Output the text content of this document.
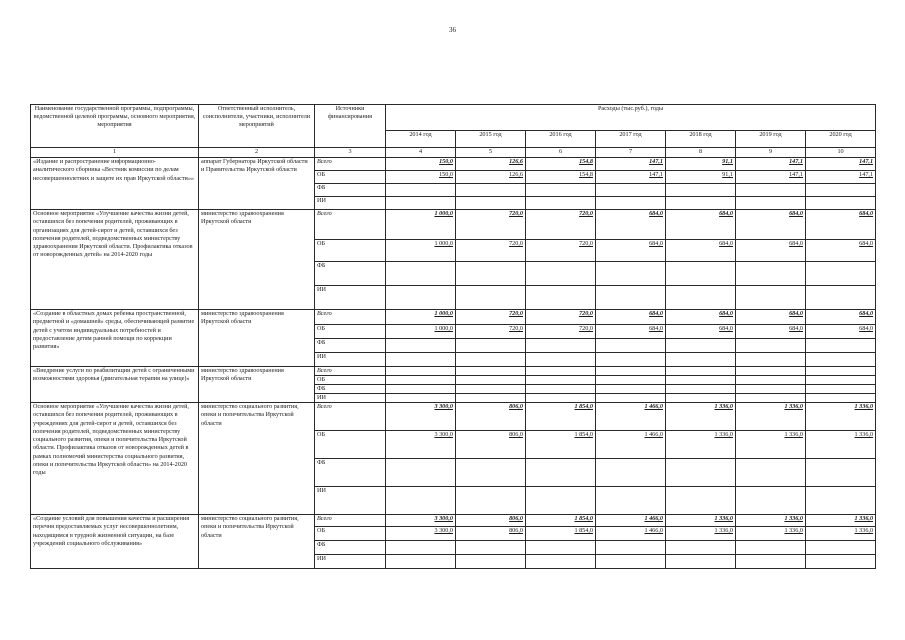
36
Наименование государственной программы, подпрограммы, ведомственной целевой программы, основного мероприятия, мероприятия	Ответственный исполнитель, соисполнители, участники, исполнители мероприятий	Источники финансирования	Расходы (тыс.руб.), годы						
			2014 год	2015 год	2016 год	2017 год	2018 год	2019 год	2020 год
1	2	3	4	5	6	7	8	9	10
«Издание и распространение информационно-аналитического сборника «Вестник комиссии по делам несовершеннолетних и защите их прав Иркутской области»»	аппарат Губернатора Иркутской области и Правительства Иркутской области	Всего	150,0	126,6	154,8	147,1	91,1	147,1	147,1
		ОБ	150,0	126,6	154,8	147,1	91,1	147,1	147,1
		ФБ							
		ИИ							
Основное мероприятие «Улучшение качества жизни детей, оставшихся без попечения родителей, проживающих в организациях для детей-сирот и детей, оставшихся без попечения родителей, подведомственных министерству здравоохранения Иркутской области. Профилактика отказов от новорожденных детей» на 2014-2020 годы	министерство здравоохранения Иркутской области	Всего	1 000,0	720,0	720,0	684,0	684,0	684,0	684,0
		ОБ	1 000,0	720,0	720,0	684,0	684,0	684,0	684,0
		ФБ							
		ИИ							
«Создание в областных домах ребенка пространственной, предметной и «домашней» среды, обеспечивающей развитие детей с учетом индивидуальных потребностей и предоставление детям ранней помощи по коррекции развития»	министерство здравоохранения Иркутской области	Всего	1 000,0	720,0	720,0	684,0	684,0	684,0	684,0
		ОБ	1 000,0	720,0	720,0	684,0	684,0	684,0	684,0
		ФБ							
		ИИ							
«Внедрение услуги по реабилитации детей с ограниченными возможностями здоровья (двигательная терапия на улице)»	министерство здравоохранения Иркутской области	Всего							
		ОБ							
		ФБ							
		ИИ							
Основное мероприятие «Улучшение качества жизни детей, оставшихся без попечения родителей, проживающих в учреждениях для детей-сирот и детей, оставшихся без попечения родителей, подведомственных министерству социального развития, опеки и попечительства Иркутской области. Профилактика отказов от новорожденных детей в рамках полномочий министерства социального развития, опеки и попечительства Иркутской области» на 2014-2020 годы	министерство социального развития, опеки и попечительства Иркутской области	Всего	3 300,0	806,0	1 854,0	1 466,0	1 336,0	1 336,0	1 336,0
		ОБ	3 300,0	806,0	1 854,0	1 466,0	1 336,0	1 336,0	1 336,0
		ФБ							
		ИИ							
«Создание условий для повышения качества и расширения перечня предоставляемых услуг несовершеннолетним, находящимся в трудной жизненной ситуации, на базе учреждений социального обслуживания»	министерство социального развития, опеки и попечительства Иркутской области	Всего	3 300,0	806,0	1 854,0	1 466,0	1 336,0	1 336,0	1 336,0
		ОБ	3 300,0	806,0	1 854,0	1 466,0	1 336,0	1 336,0	1 336,0
		ФБ							
		ИИ							
